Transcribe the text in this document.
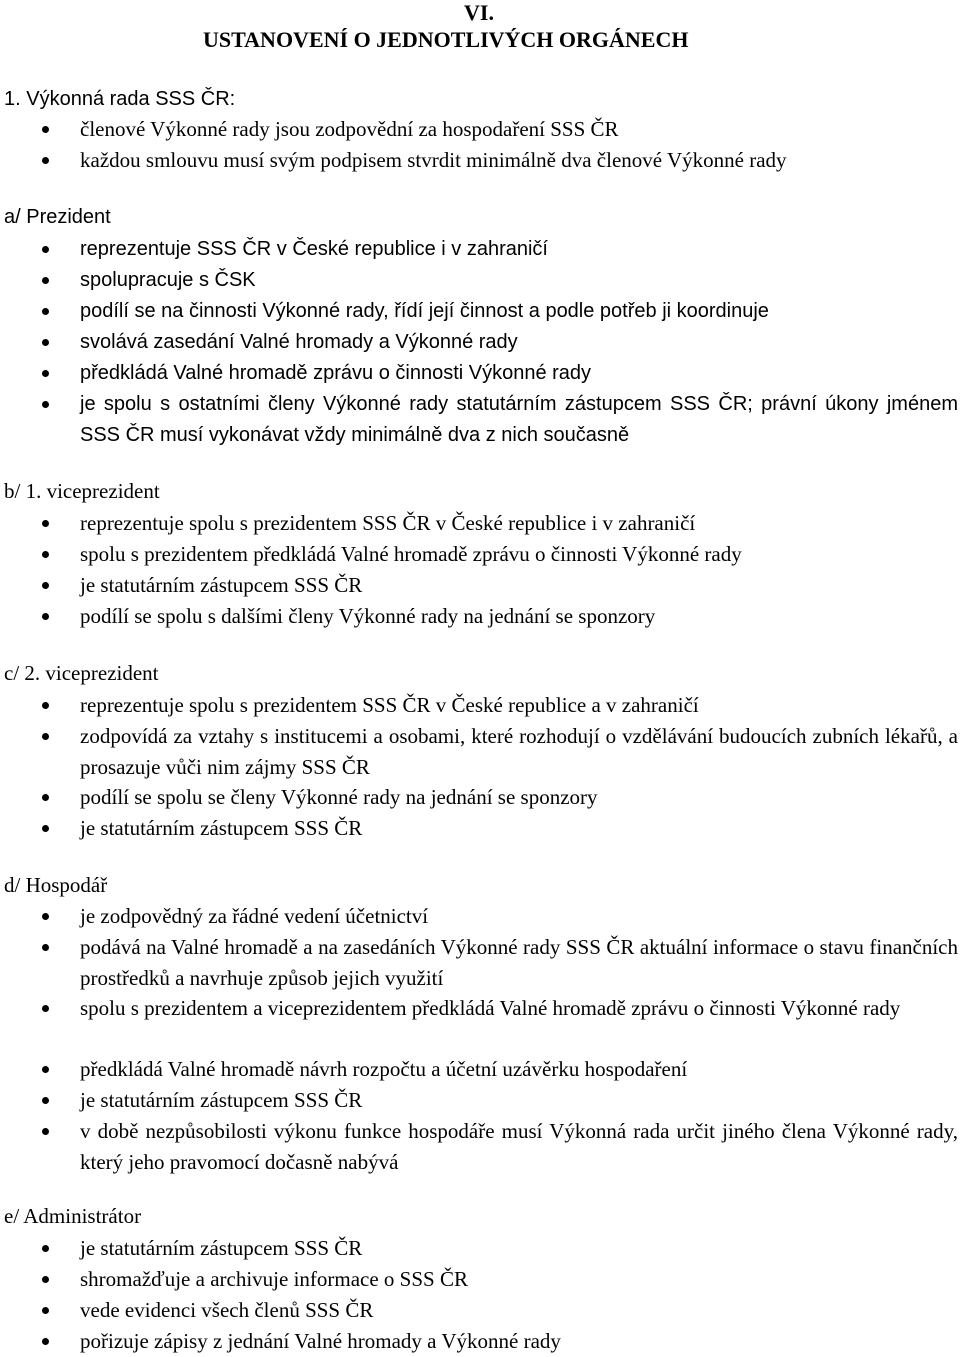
VI.
USTANOVENÍ O JEDNOTLIVÝCH ORGÁNECH
1. Výkonná rada SSS ČR:
členové Výkonné rady jsou zodpovědní za hospodaření SSS ČR
každou smlouvu musí svým podpisem stvrdit minimálně dva členové Výkonné rady
a/ Prezident
reprezentuje SSS ČR v České republice i v zahraničí
spolupracuje s ČSK
podílí se na činnosti Výkonné rady, řídí její činnost a podle potřeb ji koordinuje
svolává zasedání Valné hromady a Výkonné rady
předkládá Valné hromadě zprávu o činnosti Výkonné rady
je spolu s ostatními členy Výkonné rady statutárním zástupcem SSS ČR; právní úkony jménem SSS ČR musí vykonávat vždy minimálně dva z nich současně
b/ 1. viceprezident
reprezentuje spolu s prezidentem SSS ČR v České republice i v zahraničí
spolu s prezidentem předkládá Valné hromadě zprávu o činnosti Výkonné rady
je statutárním zástupcem SSS ČR
podílí se spolu s dalšími členy Výkonné rady na jednání se sponzory
c/ 2. viceprezident
reprezentuje spolu s prezidentem SSS ČR v České republice a v zahraničí
zodpovídá za vztahy s institucemi a osobami, které rozhodují o vzdělávání budoucích zubních lékařů, a prosazuje vůči nim zájmy SSS ČR
podílí se spolu se členy Výkonné rady na jednání se sponzory
je statutárním zástupcem SSS ČR
d/ Hospodář
je zodpovědný za řádné vedení účetnictví
podává na Valné hromadě a na zasedáních Výkonné rady SSS ČR aktuální informace o stavu finančních prostředků a navrhuje způsob jejich využití
spolu s prezidentem a viceprezidentem předkládá Valné hromadě zprávu o činnosti Výkonné rady
předkládá Valné hromadě návrh rozpočtu a účetní uzávěrku hospodaření
je statutárním zástupcem SSS ČR
v době nezpůsobilosti výkonu funkce hospodáře musí Výkonná rada určit jiného člena Výkonné rady, který jeho pravomocí dočasně nabývá
e/ Administrátor
je statutárním zástupcem SSS ČR
shromažďuje a archivuje informace o SSS ČR
vede evidenci všech členů SSS ČR
pořizuje zápisy z jednání Valné hromady a Výkonné rady
